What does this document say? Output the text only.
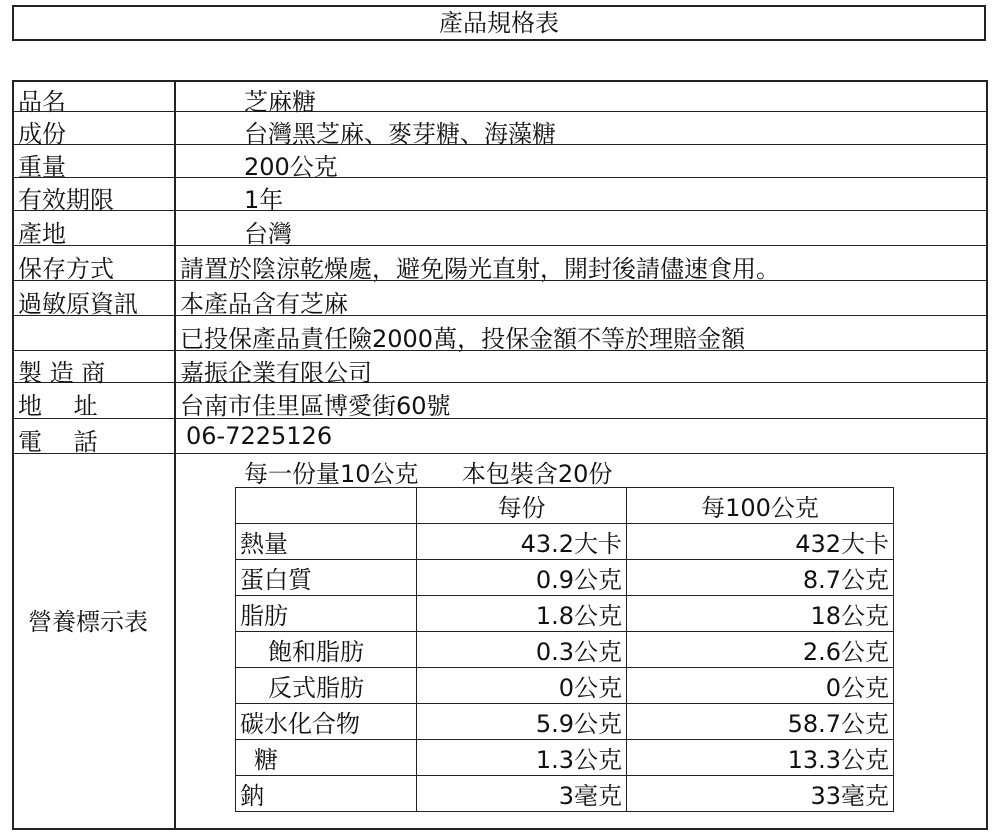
產品規格表
品名	芝麻糖
成份	台灣黑芝麻、麥芽糖、海藻糖
重量	200公克
有效期限	1年
產地	台灣
保存方式	請置於陰涼乾燥處，避免陽光直射，開封後請儘速食用。
過敏原資訊 本產品含有芝麻
已投保產品責任險2000萬，投保金額不等於理賠金額
製 造 商	嘉振企業有限公司
地　 址	台南市佳里區博愛街60號
電　 話	06-7225126
營養標示表
每一份量10公克 本包裝含20份
	每份	每100公克
熱量	43.2大卡	432大卡
蛋白質	0.9公克	8.7公克
脂肪	1.8公克	18公克
飽和脂肪	0.3公克	2.6公克
反式脂肪	0公克	0公克
碳水化合物	5.9公克	58.7公克
糖	1.3公克	13.3公克
鈉	3毫克	33毫克
